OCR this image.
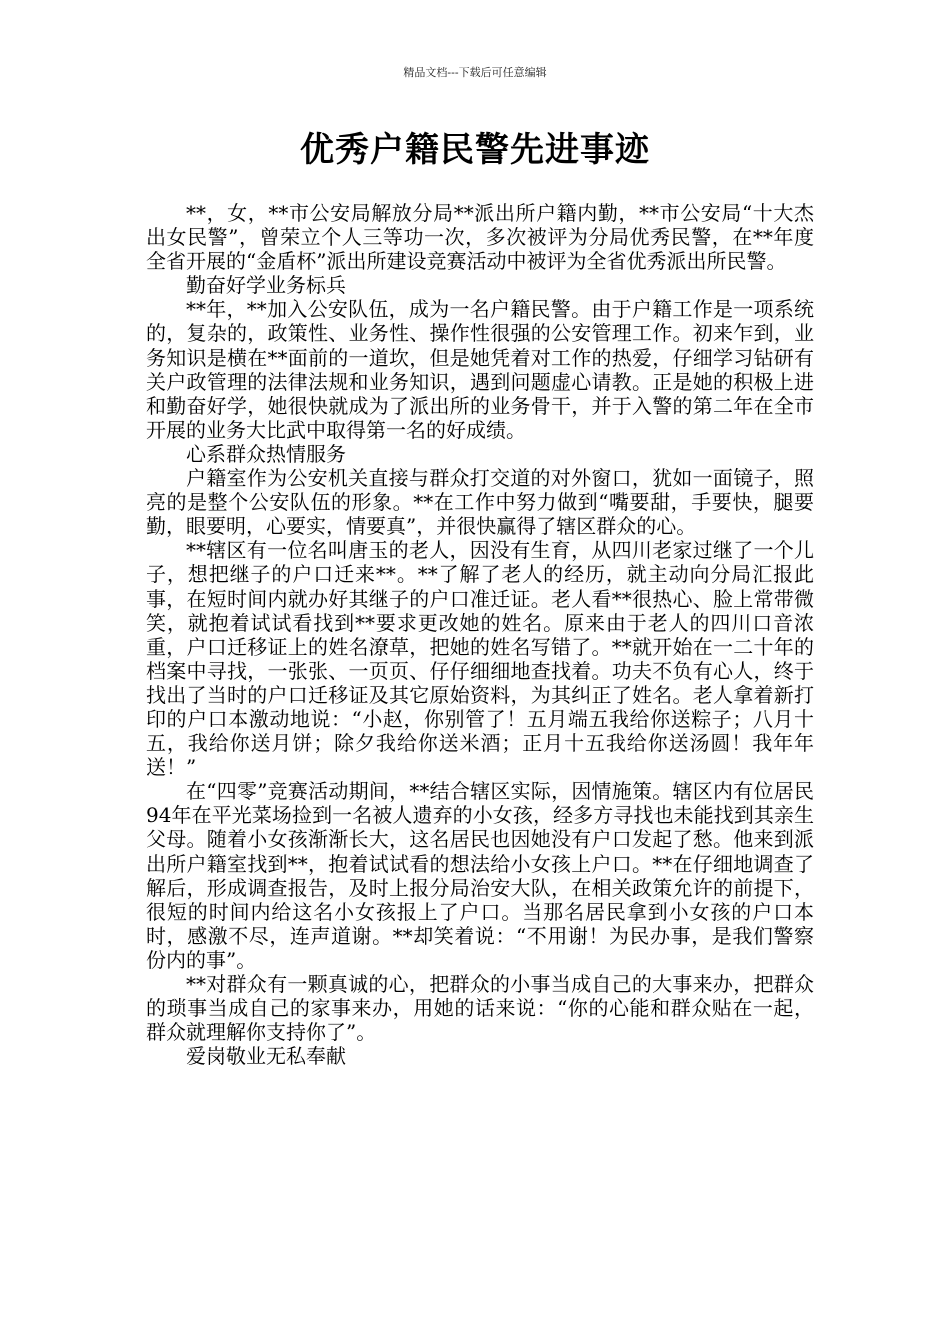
精品文档---下载后可任意编辑
优秀户籍民警先进事迹

**，女，**市公安局解放分局**派出所户籍内勤，**市公安局“十大杰出女民警”，曾荣立个人三等功一次，多次被评为分局优秀民警，在**年度全省开展的“金盾杯”派出所建设竞赛活动中被评为全省优秀派出所民警。

勤奋好学业务标兵

**年，**加入公安队伍，成为一名户籍民警。由于户籍工作是一项系统的，复杂的，政策性、业务性、操作性很强的公安管理工作。初来乍到，业务知识是横在**面前的一道坎，但是她凭着对工作的热爱，仔细学习钻研有关户政管理的法律法规和业务知识，遇到问题虚心请教。正是她的积极上进和勤奋好学，她很快就成为了派出所的业务骨干，并于入警的第二年在全市开展的业务大比武中取得第一名的好成绩。

心系群众热情服务

户籍室作为公安机关直接与群众打交道的对外窗口，犹如一面镜子，照亮的是整个公安队伍的形象。**在工作中努力做到“嘴要甜，手要快，腿要勤，眼要明，心要实，情要真”，并很快赢得了辖区群众的心。

**辖区有一位名叫唐玉的老人，因没有生育，从四川老家过继了一个儿子，想把继子的户口迁来**。**了解了老人的经历，就主动向分局汇报此事，在短时间内就办好其继子的户口准迁证。老人看**很热心、脸上常带微笑，就抱着试试看找到**要求更改她的姓名。原来由于老人的四川口音浓重，户口迁移证上的姓名潦草，把她的姓名写错了。**就开始在一二十年的档案中寻找，一张张、一页页、仔仔细细地查找着。功夫不负有心人，终于找出了当时的户口迁移证及其它原始资料，为其纠正了姓名。老人拿着新打印的户口本激动地说：“小赵，你别管了！五月端五我给你送粽子；八月十五，我给你送月饼；除夕我给你送米酒；正月十五我给你送汤圆！我年年送！”

在“四零”竞赛活动期间，**结合辖区实际，因情施策。辖区内有位居民94年在平光菜场捡到一名被人遗弃的小女孩，经多方寻找也未能找到其亲生父母。随着小女孩渐渐长大，这名居民也因她没有户口发起了愁。他来到派出所户籍室找到**，抱着试试看的想法给小女孩上户口。**在仔细地调查了解后，形成调查报告，及时上报分局治安大队，在相关政策允许的前提下，很短的时间内给这名小女孩报上了户口。当那名居民拿到小女孩的户口本时，感激不尽，连声道谢。**却笑着说：“不用谢！为民办事，是我们警察份内的事”。

**对群众有一颗真诚的心，把群众的小事当成自己的大事来办，把群众的琐事当成自己的家事来办，用她的话来说：“你的心能和群众贴在一起，群众就理解你支持你了”。

爱岗敬业无私奉献
